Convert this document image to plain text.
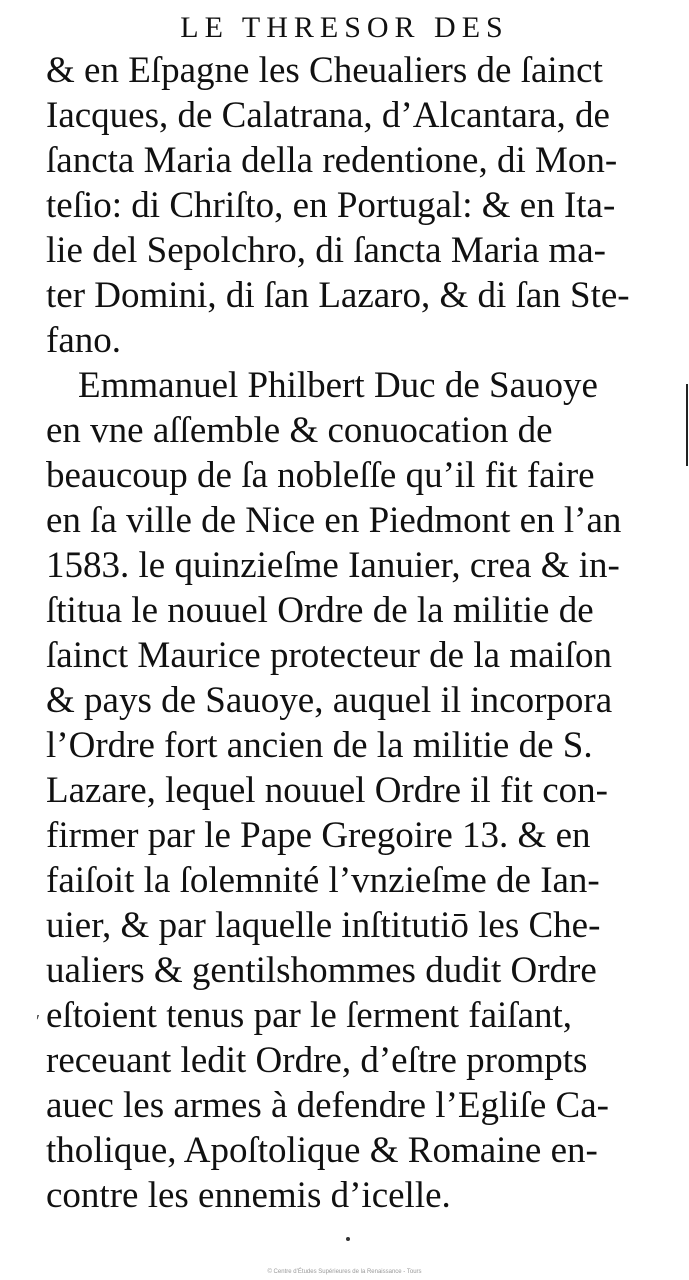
LE THRESOR DES
& en Eſpagne les Cheualiers de ſainct
Iacques, de Calatrana, d’Alcantara, de
ſancta Maria della redentione, di Mon-
teſio: di Chriſto, en Portugal: & en Ita-
lie del Sepolchro, di ſancta Maria ma-
ter Domini, di ſan Lazaro, & di ſan Ste-
fano.
Emmanuel Philbert Duc de Sauoye
en vne aſſemble & conuocation de
beaucoup de ſa nobleſſe qu’il fit faire
en ſa ville de Nice en Piedmont en l’an
1583. le quinzieſme Ianuier, crea & in-
ſtitua le nouuel Ordre de la militie de
ſainct Maurice protecteur de la maiſon
& pays de Sauoye, auquel il incorpora
l’Ordre fort ancien de la militie de S.
Lazare, lequel nouuel Ordre il fit con-
firmer par le Pape Gregoire 13. & en
faiſoit la ſolemnité l’vnzieſme de Ian-
uier, & par laquelle inſtitutiō les Che-
ualiers & gentilshommes dudit Ordre
eſtoient tenus par le ſerment faiſant,
receuant ledit Ordre, d’eſtre prompts
auec les armes à defendre l’Egliſe Ca-
tholique, Apoſtolique & Romaine en-
contre les ennemis d’icelle.
′
© Centre d’Études Supérieures de la Renaissance - Tours
